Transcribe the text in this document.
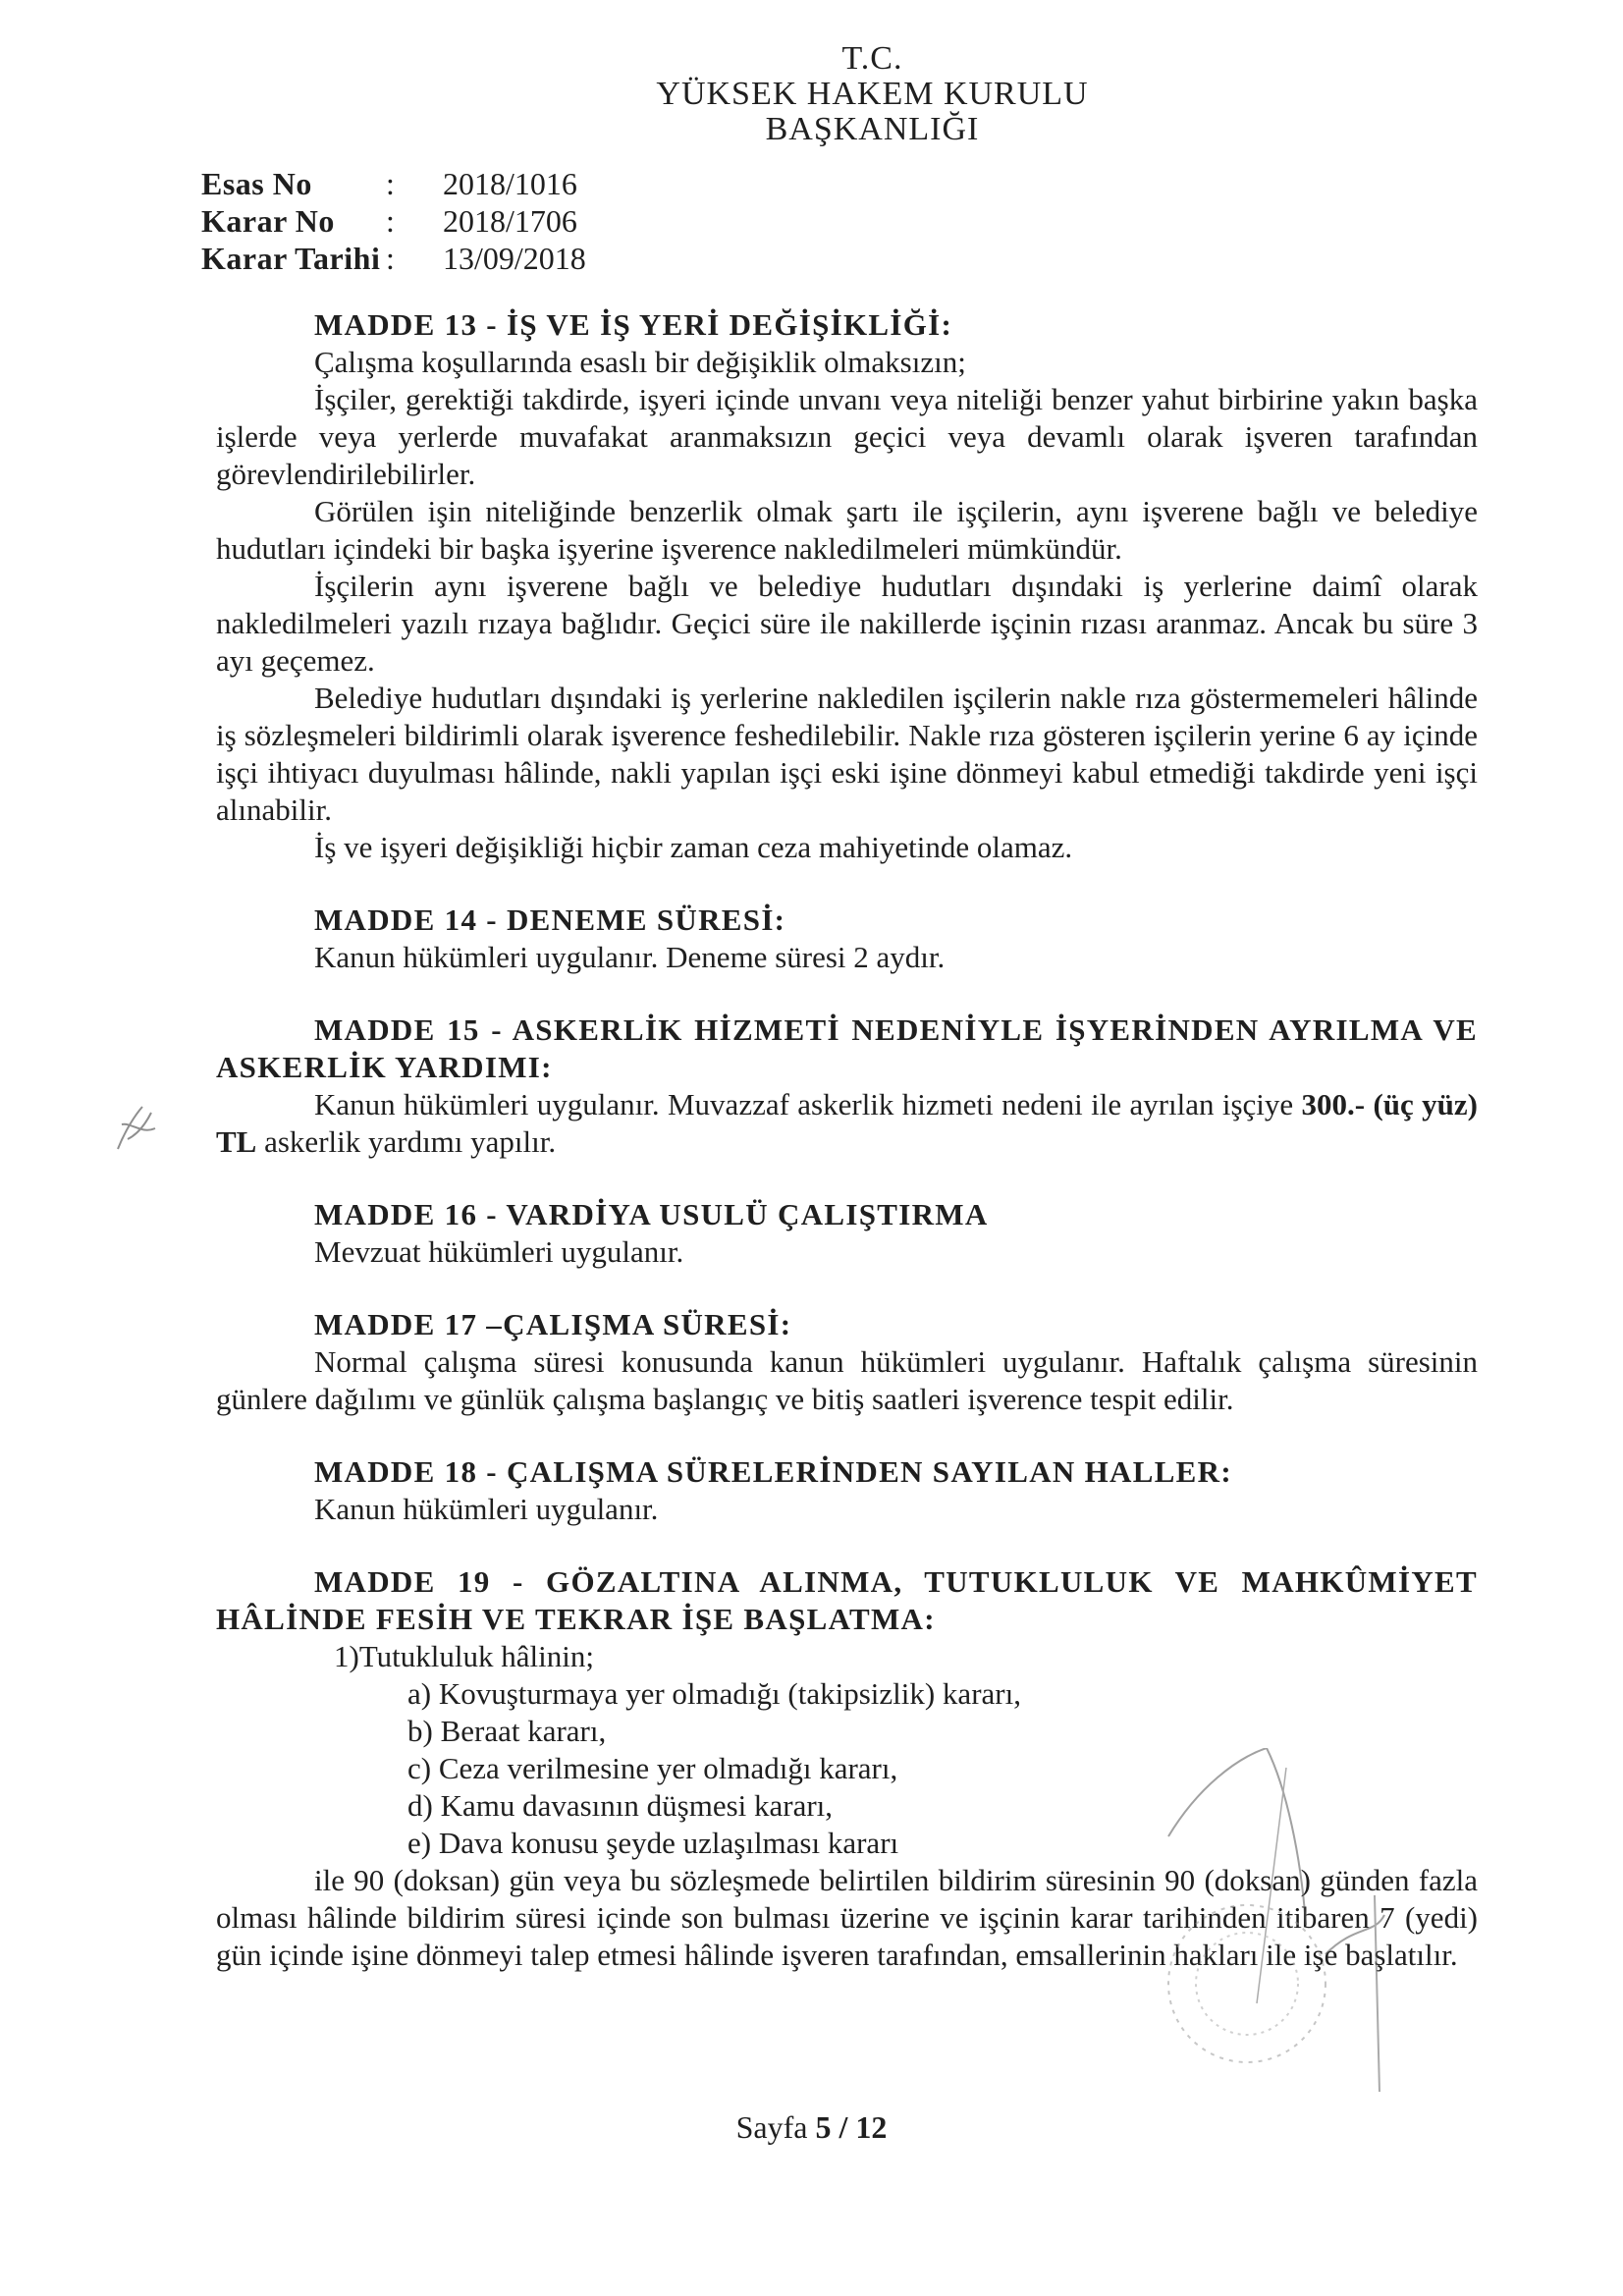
T.C.
YÜKSEK HAKEM KURULU
BAŞKANLIĞI
Esas No	:	2018/1016
Karar No	:	2018/1706
Karar Tarihi :	13/09/2018
MADDE 13 - İŞ VE İŞ YERİ DEĞİŞİKLİĞİ:

Çalışma koşullarında esaslı bir değişiklik olmaksızın;

İşçiler, gerektiği takdirde, işyeri içinde unvanı veya niteliği benzer yahut birbirine yakın başka işlerde veya yerlerde muvafakat aranmaksızın geçici veya devamlı olarak işveren tarafından görevlendirilebilirler.

Görülen işin niteliğinde benzerlik olmak şartı ile işçilerin, aynı işverene bağlı ve belediye hudutları içindeki bir başka işyerine işverence nakledilmeleri mümkündür.

İşçilerin aynı işverene bağlı ve belediye hudutları dışındaki iş yerlerine daimî olarak nakledilmeleri yazılı rızaya bağlıdır. Geçici süre ile nakillerde işçinin rızası aranmaz. Ancak bu süre 3 ayı geçemez.

Belediye hudutları dışındaki iş yerlerine nakledilen işçilerin nakle rıza göstermemeleri hâlinde iş sözleşmeleri bildirimli olarak işverence feshedilebilir. Nakle rıza gösteren işçilerin yerine 6 ay içinde işçi ihtiyacı duyulması hâlinde, nakli yapılan işçi eski işine dönmeyi kabul etmediği takdirde yeni işçi alınabilir.

İş ve işyeri değişikliği hiçbir zaman ceza mahiyetinde olamaz.

MADDE 14 - DENEME SÜRESİ:

Kanun hükümleri uygulanır. Deneme süresi 2 aydır.

MADDE 15 - ASKERLİK HİZMETİ NEDENİYLE İŞYERİNDEN AYRILMA VE ASKERLİK YARDIMI:

Kanun hükümleri uygulanır. Muvazzaf askerlik hizmeti nedeni ile ayrılan işçiye 300.- (üç yüz) TL askerlik yardımı yapılır.

MADDE 16 - VARDİYA USULÜ ÇALIŞTIRMA

Mevzuat hükümleri uygulanır.

MADDE 17 –ÇALIŞMA SÜRESİ:

Normal çalışma süresi konusunda kanun hükümleri uygulanır. Haftalık çalışma süresinin günlere dağılımı ve günlük çalışma başlangıç ve bitiş saatleri işverence tespit edilir.

MADDE 18 - ÇALIŞMA SÜRELERİNDEN SAYILAN HALLER:

Kanun hükümleri uygulanır.

MADDE 19 - GÖZALTINA ALINMA, TUTUKLULUK VE MAHKÛMİYET HÂLİNDE FESİH VE TEKRAR İŞE BAŞLATMA:

1)Tutukluluk hâlinin;

a) Kovuşturmaya yer olmadığı (takipsizlik) kararı,

b) Beraat kararı,

c) Ceza verilmesine yer olmadığı kararı,

d) Kamu davasının düşmesi kararı,

e) Dava konusu şeyde uzlaşılması kararı

ile 90 (doksan) gün veya bu sözleşmede belirtilen bildirim süresinin 90 (doksan) günden fazla olması hâlinde bildirim süresi içinde son bulması üzerine ve işçinin karar tarihinden itibaren 7 (yedi) gün içinde işine dönmeyi talep etmesi hâlinde işveren tarafından, emsallerinin hakları ile işe başlatılır.

Sayfa 5 / 12
